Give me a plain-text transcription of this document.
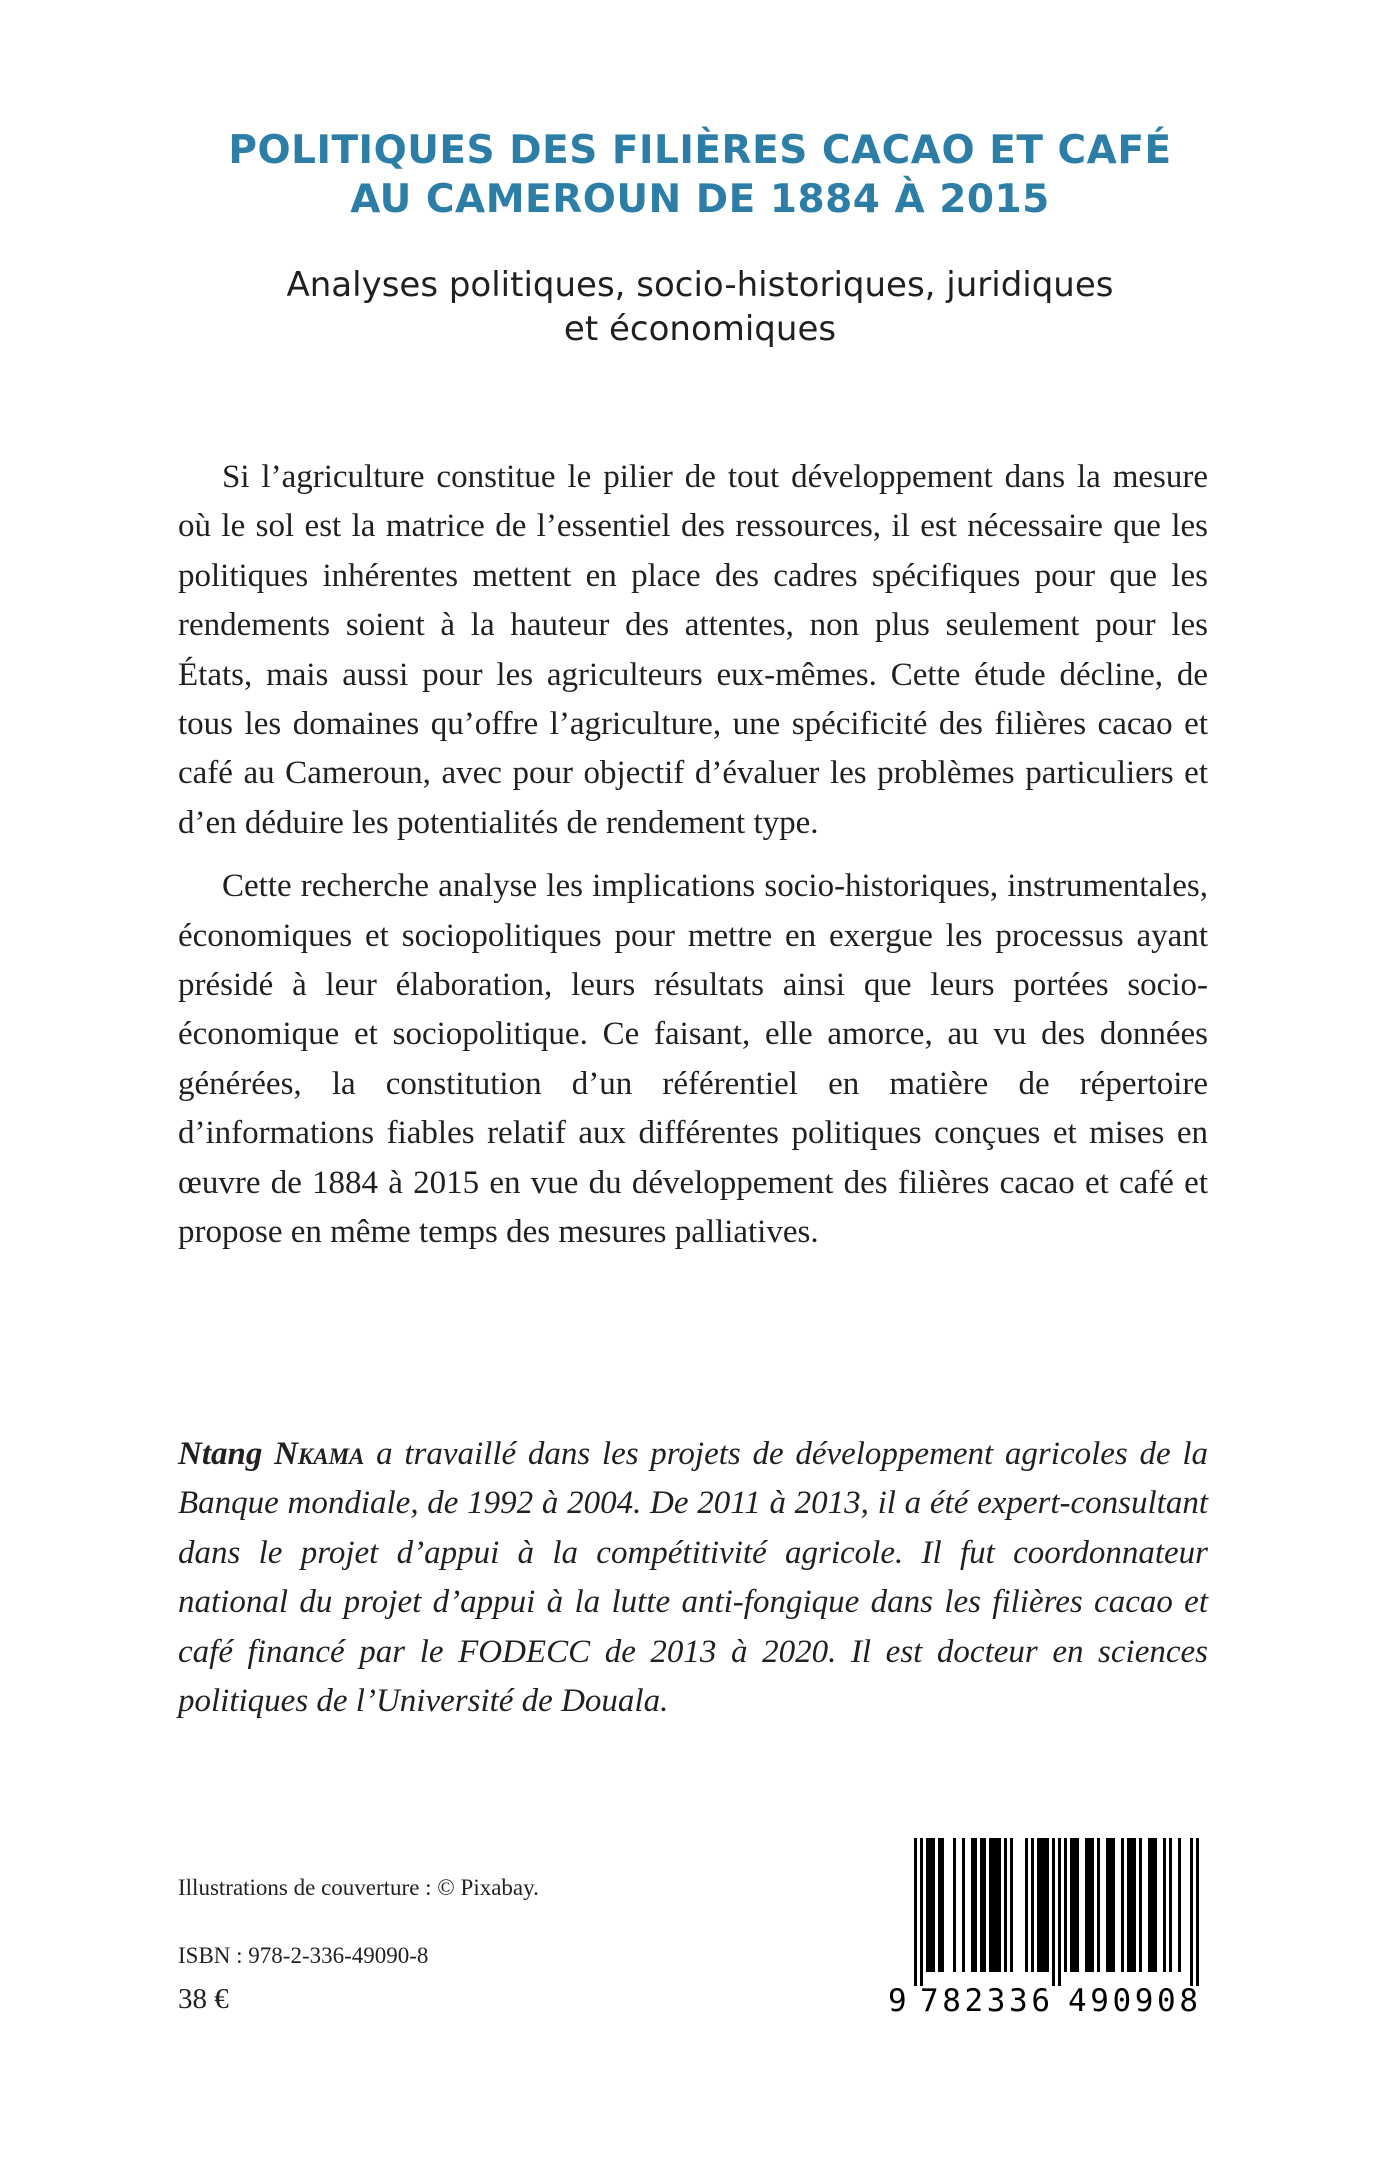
POLITIQUES DES FILIÈRES CACAO ET CAFÉ
AU CAMEROUN DE 1884 À 2015
Analyses politiques, socio-historiques, juridiques
et économiques

Si l’agriculture constitue le pilier de tout développement dans la mesure où le sol est la matrice de l’essentiel des ressources, il est nécessaire que les politiques inhérentes mettent en place des cadres spécifiques pour que les rendements soient à la hauteur des attentes, non plus seulement pour les États, mais aussi pour les agriculteurs eux-mêmes. Cette étude décline, de tous les domaines qu’offre l’agriculture, une spécificité des filières cacao et café au Cameroun, avec pour objectif d’évaluer les problèmes particuliers et d’en déduire les potentialités de rendement type.

Cette recherche analyse les implications socio-historiques, instrumentales, économiques et sociopolitiques pour mettre en exergue les processus ayant présidé à leur élaboration, leurs résultats ainsi que leurs portées socio-économique et sociopolitique. Ce faisant, elle amorce, au vu des données générées, la constitution d’un référentiel en matière de répertoire d’informations fiables relatif aux différentes politiques conçues et mises en œuvre de 1884 à 2015 en vue du développement des filières cacao et café et propose en même temps des mesures palliatives.

Ntang Nkama a travaillé dans les projets de développement agricoles de la Banque mondiale, de 1992 à 2004. De 2011 à 2013, il a été expert-consultant dans le projet d’appui à la compétitivité agricole. Il fut coordonnateur national du projet d’appui à la lutte anti-fongique dans les filières cacao et café financé par le FODECC de 2013 à 2020. Il est docteur en sciences politiques de l’Université de Douala.

Illustrations de couverture : © Pixabay.
ISBN : 978-2-336-49090-8
38 €	9 782336 490908
